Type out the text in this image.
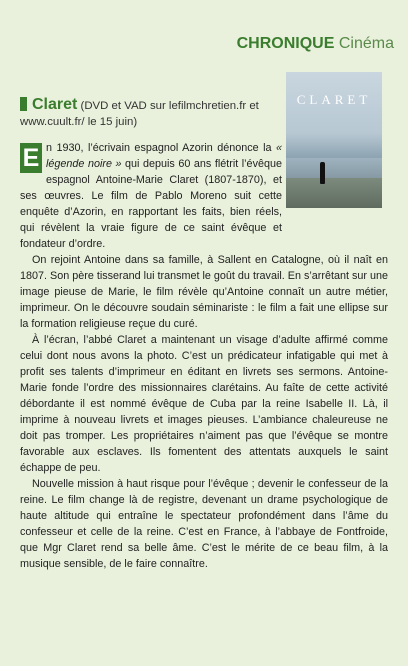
CHRONIQUE Cinéma
CLARET
Claret (DVD et VAD sur lefilmchretien.fr et www.cuult.fr/ le 15 juin)

E n 1930, l’écrivain espagnol Azorin dénonce la « légende noire » qui depuis 60 ans flétrit l’évêque espagnol Antoine-Marie Claret (1807-1870), et ses œuvres. Le film de Pablo Moreno suit cette enquête d’Azorin, en rapportant les faits, bien réels, qui révèlent la vraie figure de ce saint évêque et fondateur d’ordre.

On rejoint Antoine dans sa famille, à Sallent en Catalogne, où il naît en 1807. Son père tisserand lui transmet le goût du travail. En s’arrêtant sur une image pieuse de Marie, le film révèle qu’Antoine connaît un autre métier, imprimeur. On le découvre soudain séminariste : le film a fait une ellipse sur la formation religieuse reçue du curé.

À l’écran, l’abbé Claret a maintenant un visage d’adulte affirmé comme celui dont nous avons la photo. C’est un prédicateur infatigable qui met à profit ses talents d’imprimeur en éditant en livrets ses sermons. Antoine-Marie fonde l’ordre des missionnaires clarétains. Au faîte de cette activité débordante il est nommé évêque de Cuba par la reine Isabelle II. Là, il imprime à nouveau livrets et images pieuses. L’ambiance chaleureuse ne doit pas tromper. Les propriétaires n’aiment pas que l’évêque se montre favorable aux esclaves. Ils fomentent des attentats auxquels le saint échappe de peu.

Nouvelle mission à haut risque pour l’évêque ; devenir le confesseur de la reine. Le film change là de registre, devenant un drame psychologique de haute altitude qui entraîne le spectateur profondément dans l’âme du confesseur et celle de la reine. C’est en France, à l’abbaye de Fontfroide, que Mgr Claret rend sa belle âme. C’est le mérite de ce beau film, à la musique sensible, de le faire connaître.
